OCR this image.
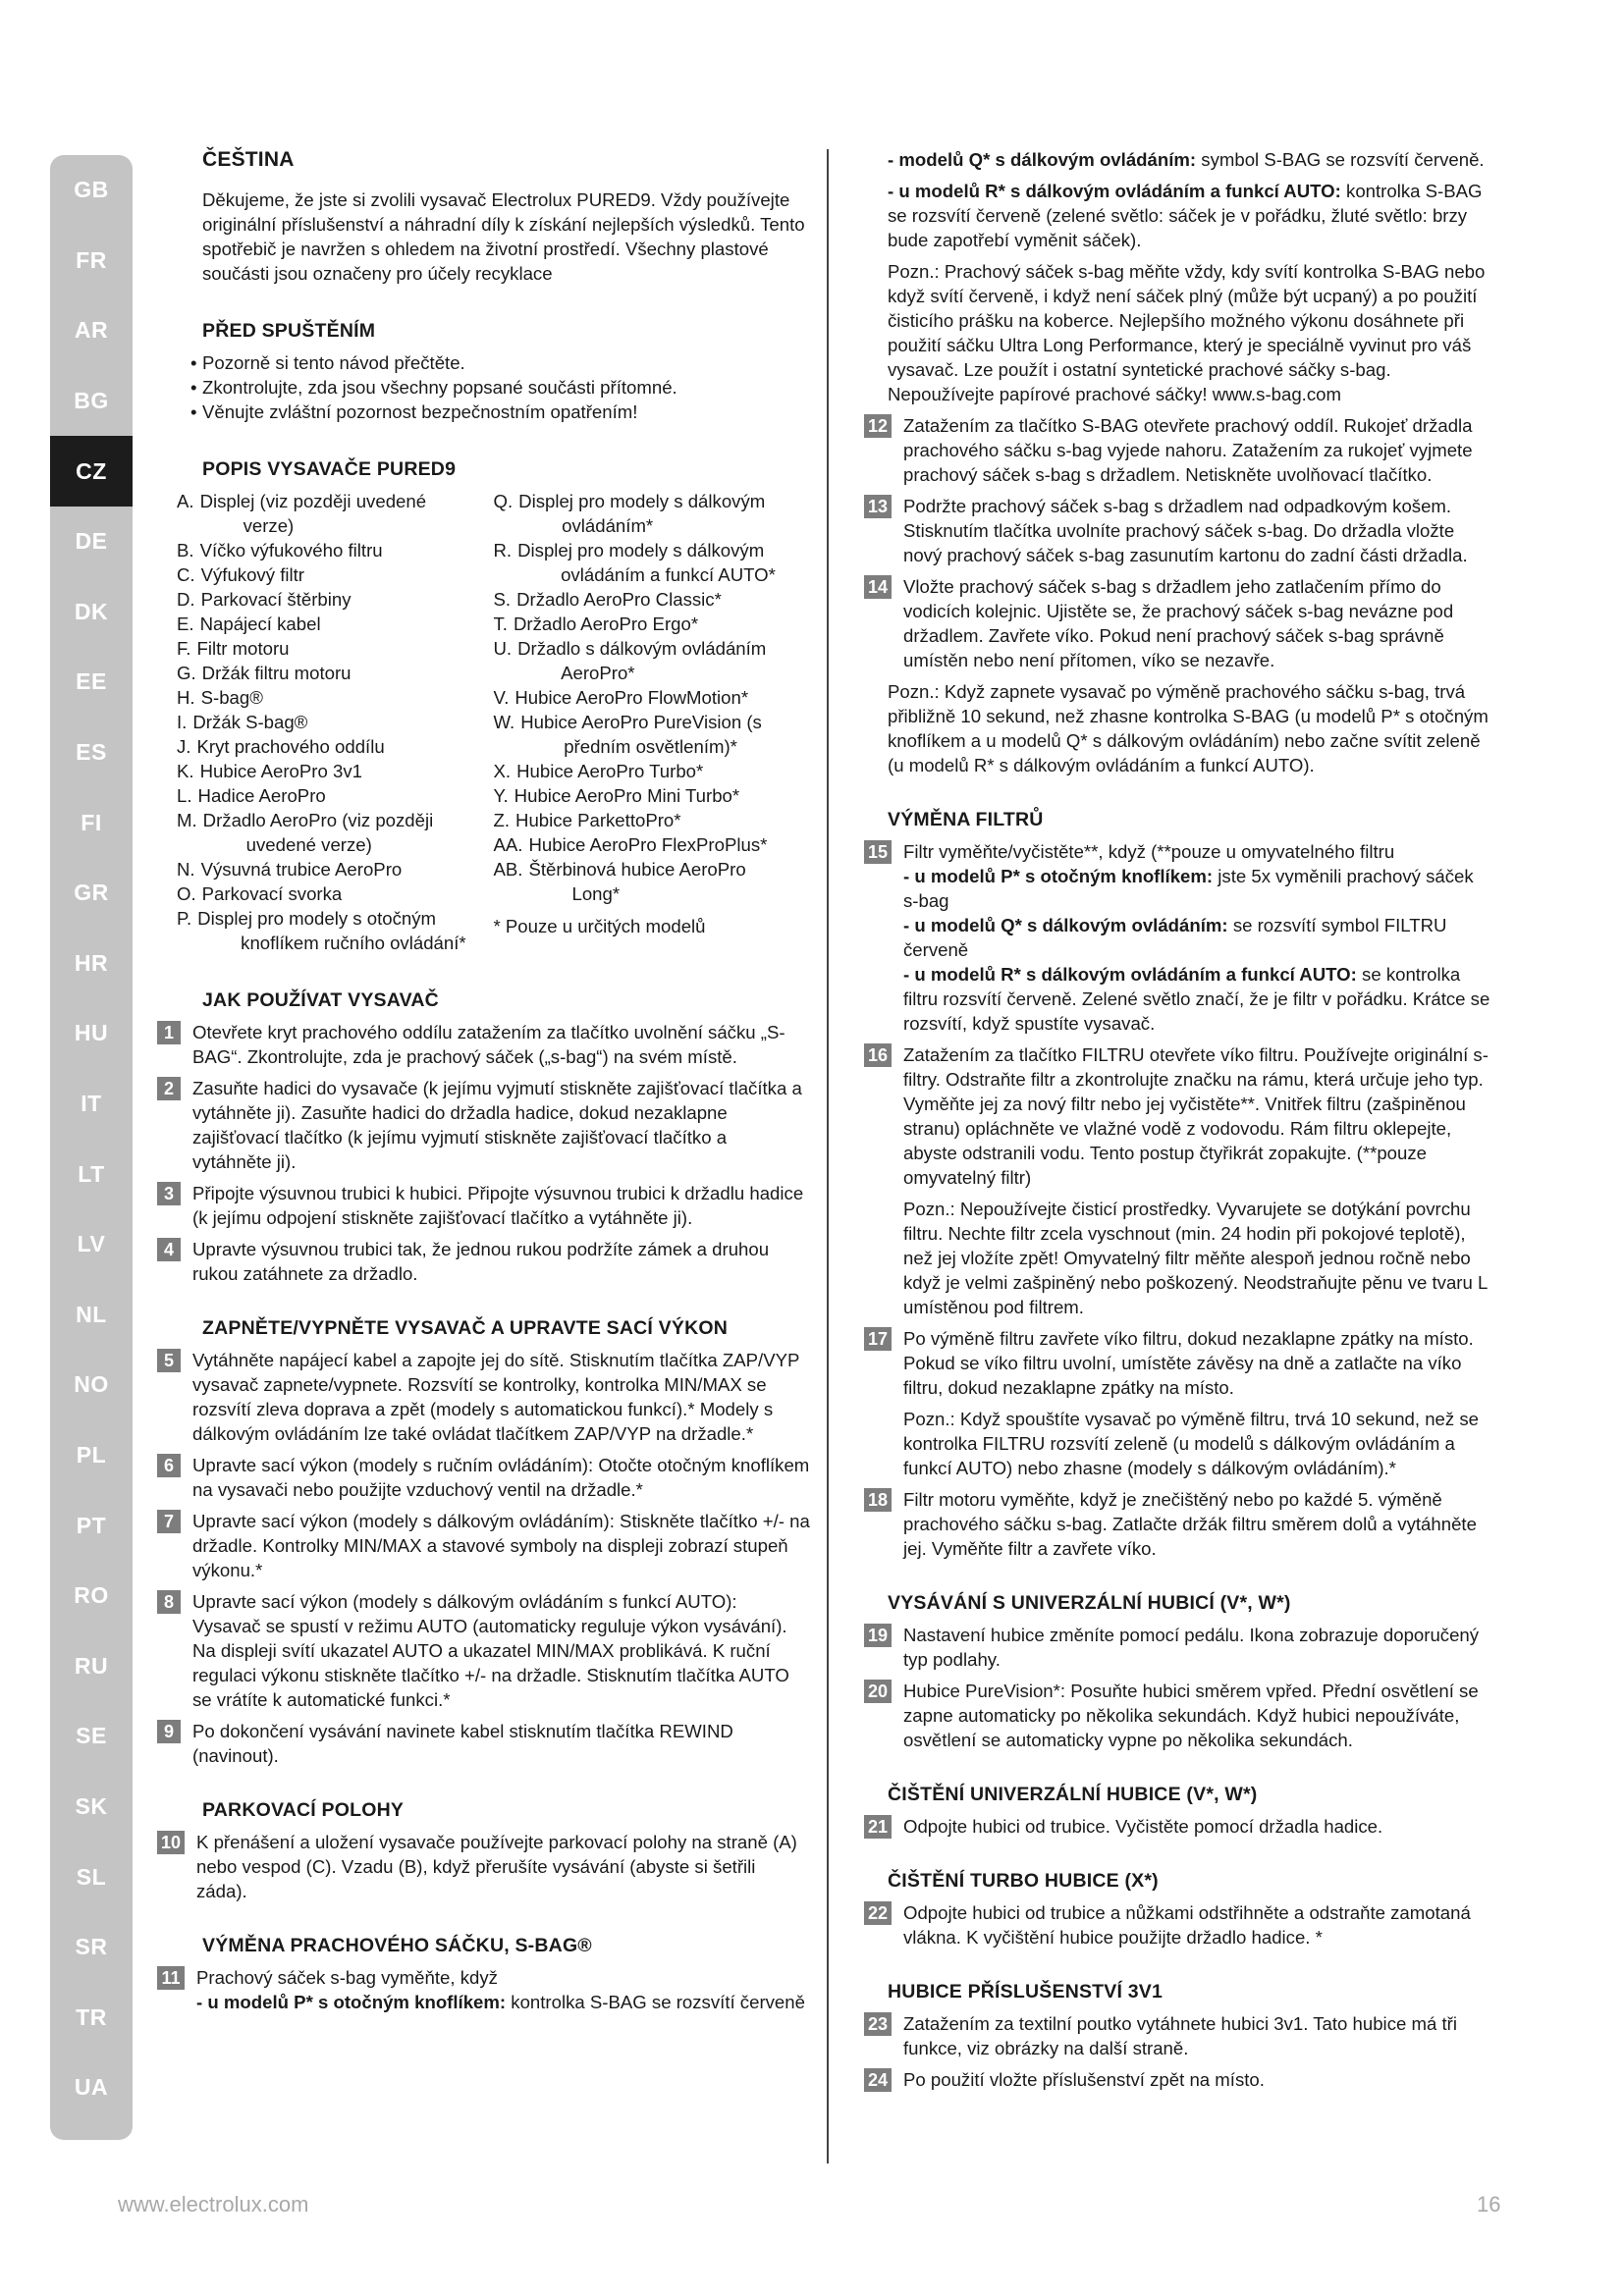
GB
FR
AR
BG
CZ
DE
DK
EE
ES
FI
GR
HR
HU
IT
LT
LV
NL
NO
PL
PT
RO
RU
SE
SK
SL
SR
TR
UA
ČEŠTINA

Děkujeme, že jste si zvolili vysavač Electrolux PURED9. Vždy používejte originální příslušenství a náhradní díly k získání nejlepších výsledků. Tento spotřebič je navržen s ohledem na životní prostředí. Všechny plastové součásti jsou označeny pro účely recyklace

PŘED SPUŠTĚNÍM
• Pozorně si tento návod přečtěte.
• Zkontrolujte, zda jsou všechny popsané součásti přítomné.
• Věnujte zvláštní pozornost bezpečnostním opatřením!
POPIS VYSAVAČE PURED9
A. Displej (viz později uvedené
verze)
B. Víčko výfukového filtru
C. Výfukový filtr
D. Parkovací štěrbiny
E. Napájecí kabel
F. Filtr motoru
G. Držák filtru motoru
H. S-bag®
I. Držák S-bag®
J. Kryt prachového oddílu
K. Hubice AeroPro 3v1
L. Hadice AeroPro
M. Držadlo AeroPro (viz později
uvedené verze)
N. Výsuvná trubice AeroPro
O. Parkovací svorka
P. Displej pro modely s otočným
knoflíkem ručního ovládání*
Q. Displej pro modely s dálkovým
ovládáním*
R. Displej pro modely s dálkovým
ovládáním a funkcí AUTO*
S. Držadlo AeroPro Classic*
T. Držadlo AeroPro Ergo*
U. Držadlo s dálkovým ovládáním
AeroPro*
V. Hubice AeroPro FlowMotion*
W. Hubice AeroPro PureVision (s
předním osvětlením)*
X. Hubice AeroPro Turbo*
Y. Hubice AeroPro Mini Turbo*
Z. Hubice ParkettoPro*
AA. Hubice AeroPro FlexProPlus*
AB. Štěrbinová hubice AeroPro
Long*
* Pouze u určitých modelů
JAK POUŽÍVAT VYSAVAČ
1	Otevřete kryt prachového oddílu zatažením za tlačítko uvolnění sáčku „S-BAG“. Zkontrolujte, zda je prachový sáček („s-bag“) na svém místě.
2	Zasuňte hadici do vysavače (k jejímu vyjmutí stiskněte zajišťovací tlačítka a vytáhněte ji). Zasuňte hadici do držadla hadice, dokud nezaklapne zajišťovací tlačítko (k jejímu vyjmutí stiskněte zajišťovací tlačítko a vytáhněte ji).
3	Připojte výsuvnou trubici k hubici. Připojte výsuvnou trubici k držadlu hadice (k jejímu odpojení stiskněte zajišťovací tlačítko a vytáhněte ji).
4	Upravte výsuvnou trubici tak, že jednou rukou podržíte zámek a druhou rukou zatáhnete za držadlo.
ZAPNĚTE/VYPNĚTE VYSAVAČ A UPRAVTE SACÍ VÝKON
5	Vytáhněte napájecí kabel a zapojte jej do sítě. Stisknutím tlačítka ZAP/VYP vysavač zapnete/vypnete. Rozsvítí se kontrolky, kontrolka MIN/MAX se rozsvítí zleva doprava a zpět (modely s automatickou funkcí).* Modely s dálkovým ovládáním lze také ovládat tlačítkem ZAP/VYP na držadle.*
6	Upravte sací výkon (modely s ručním ovládáním): Otočte otočným knoflíkem na vysavači nebo použijte vzduchový ventil na držadle.*
7	Upravte sací výkon (modely s dálkovým ovládáním): Stiskněte tlačítko +/- na držadle. Kontrolky MIN/MAX a stavové symboly na displeji zobrazí stupeň výkonu.*
8	Upravte sací výkon (modely s dálkovým ovládáním s funkcí AUTO): Vysavač se spustí v režimu AUTO (automaticky reguluje výkon vysávání). Na displeji svítí ukazatel AUTO a ukazatel MIN/MAX problikává. K ruční regulaci výkonu stiskněte tlačítko +/- na držadle. Stisknutím tlačítka AUTO se vrátíte k automatické funkci.*
9	Po dokončení vysávání navinete kabel stisknutím tlačítka REWIND (navinout).
PARKOVACÍ POLOHY
10 K přenášení a uložení vysavače používejte parkovací polohy na straně (A) nebo vespod (C). Vzadu (B), když přerušíte vysávání (abyste si šetřili záda).
VÝMĚNA PRACHOVÉHO SÁČKU, S-BAG®
11 Prachový sáček s-bag vyměňte, když
- u modelů P* s otočným knoflíkem: kontrolka S-BAG se rozsvítí červeně
- modelů Q* s dálkovým ovládáním: symbol S-BAG se rozsvítí červeně.
- u modelů R* s dálkovým ovládáním a funkcí AUTO: kontrolka S-BAG se rozsvítí červeně (zelené světlo: sáček je v pořádku, žluté světlo: brzy bude zapotřebí vyměnit sáček).
Pozn.: Prachový sáček s-bag měňte vždy, kdy svítí kontrolka S-BAG nebo když svítí červeně, i když není sáček plný (může být ucpaný) a po použití čisticího prášku na koberce. Nejlepšího možného výkonu dosáhnete při použití sáčku Ultra Long Performance, který je speciálně vyvinut pro váš vysavač. Lze použít i ostatní syntetické prachové sáčky s-bag. Nepoužívejte papírové prachové sáčky! www.s-bag.com
12 Zatažením za tlačítko S-BAG otevřete prachový oddíl. Rukojeť držadla prachového sáčku s-bag vyjede nahoru. Zatažením za rukojeť vyjmete prachový sáček s-bag s držadlem. Netiskněte uvolňovací tlačítko.
13 Podržte prachový sáček s-bag s držadlem nad odpadkovým košem. Stisknutím tlačítka uvolníte prachový sáček s-bag. Do držadla vložte nový prachový sáček s-bag zasunutím kartonu do zadní části držadla.
14 Vložte prachový sáček s-bag s držadlem jeho zatlačením přímo do vodicích kolejnic. Ujistěte se, že prachový sáček s-bag nevázne pod držadlem. Zavřete víko. Pokud není prachový sáček s-bag správně umístěn nebo není přítomen, víko se nezavře.
Pozn.: Když zapnete vysavač po výměně prachového sáčku s-bag, trvá přibližně 10 sekund, než zhasne kontrolka S-BAG (u modelů P* s otočným knoflíkem a u modelů Q* s dálkovým ovládáním) nebo začne svítit zeleně (u modelů R* s dálkovým ovládáním a funkcí AUTO).
VÝMĚNA FILTRŮ
15 Filtr vyměňte/vyčistěte**, když (**pouze u omyvatelného filtru
- u modelů P* s otočným knoflíkem: jste 5x vyměnili prachový sáček s-bag
- u modelů Q* s dálkovým ovládáním: se rozsvítí symbol FILTRU červeně
- u modelů R* s dálkovým ovládáním a funkcí AUTO: se kontrolka filtru rozsvítí červeně. Zelené světlo značí, že je filtr v pořádku. Krátce se rozsvítí, když spustíte vysavač.
16 Zatažením za tlačítko FILTRU otevřete víko filtru. Používejte originální s-filtry. Odstraňte filtr a zkontrolujte značku na rámu, která určuje jeho typ. Vyměňte jej za nový filtr nebo jej vyčistěte**. Vnitřek filtru (zašpiněnou stranu) opláchněte ve vlažné vodě z vodovodu. Rám filtru oklepejte, abyste odstranili vodu. Tento postup čtyřikrát zopakujte. (**pouze omyvatelný filtr)
Pozn.: Nepoužívejte čisticí prostředky. Vyvarujete se dotýkání povrchu filtru. Nechte filtr zcela vyschnout (min. 24 hodin při pokojové teplotě), než jej vložíte zpět! Omyvatelný filtr měňte alespoň jednou ročně nebo když je velmi zašpiněný nebo poškozený. Neodstraňujte pěnu ve tvaru L umístěnou pod filtrem.
17 Po výměně filtru zavřete víko filtru, dokud nezaklapne zpátky na místo. Pokud se víko filtru uvolní, umístěte závěsy na dně a zatlačte na víko filtru, dokud nezaklapne zpátky na místo.
Pozn.: Když spouštíte vysavač po výměně filtru, trvá 10 sekund, než se kontrolka FILTRU rozsvítí zeleně (u modelů s dálkovým ovládáním a funkcí AUTO) nebo zhasne (modely s dálkovým ovládáním).*
18 Filtr motoru vyměňte, když je znečištěný nebo po každé 5. výměně prachového sáčku s-bag. Zatlačte držák filtru směrem dolů a vytáhněte jej. Vyměňte filtr a zavřete víko.
VYSÁVÁNÍ S UNIVERZÁLNÍ HUBICÍ (V*, W*)
19 Nastavení hubice změníte pomocí pedálu. Ikona zobrazuje doporučený typ podlahy.
20 Hubice PureVision*: Posuňte hubici směrem vpřed. Přední osvětlení se zapne automaticky po několika sekundách. Když hubici nepoužíváte, osvětlení se automaticky vypne po několika sekundách.
ČIŠTĚNÍ UNIVERZÁLNÍ HUBICE (V*, W*)
21 Odpojte hubici od trubice. Vyčistěte pomocí držadla hadice.
ČIŠTĚNÍ TURBO HUBICE (X*)
22 Odpojte hubici od trubice a nůžkami odstřihněte a odstraňte zamotaná vlákna. K vyčištění hubice použijte držadlo hadice. *
HUBICE PŘÍSLUŠENSTVÍ 3V1
23 Zatažením za textilní poutko vytáhnete hubici 3v1. Tato hubice má tři funkce, viz obrázky na další straně.
24 Po použití vložte příslušenství zpět na místo.
www.electrolux.com	16
